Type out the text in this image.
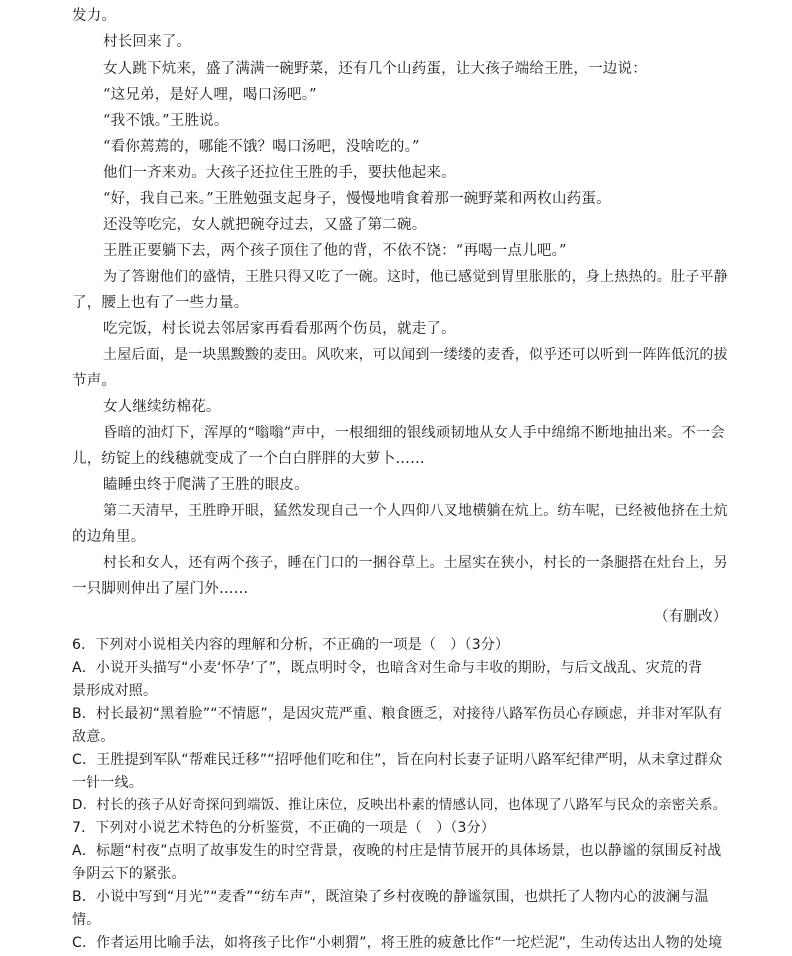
发力。
村长回来了。
女人跳下炕来，盛了满满一碗野菜，还有几个山药蛋，让大孩子端给王胜，一边说：
“这兄弟，是好人哩，喝口汤吧。”
“我不饿。”王胜说。
“看你蔫蔫的，哪能不饿？喝口汤吧，没啥吃的。”
他们一齐来劝。大孩子还拉住王胜的手，要扶他起来。
“好，我自己来。”王胜勉强支起身子，慢慢地啃食着那一碗野菜和两枚山药蛋。
还没等吃完，女人就把碗夺过去，又盛了第二碗。
王胜正要躺下去，两个孩子顶住了他的背，不依不饶：“再喝一点儿吧。”
为了答谢他们的盛情，王胜只得又吃了一碗。这时，他已感觉到胃里胀胀的，身上热热的。肚子平静
了，腰上也有了一些力量。
吃完饭，村长说去邻居家再看看那两个伤员，就走了。
土屋后面，是一块黑黢黢的麦田。风吹来，可以闻到一缕缕的麦香，似乎还可以听到一阵阵低沉的拔
节声。
女人继续纺棉花。
昏暗的油灯下，浑厚的“嗡嗡”声中，一根细细的银线顽韧地从女人手中绵绵不断地抽出来。不一会
儿，纺锭上的线穗就变成了一个白白胖胖的大萝卜……
瞌睡虫终于爬满了王胜的眼皮。
第二天清早，王胜睁开眼，猛然发现自己一个人四仰八叉地横躺在炕上。纺车呢，已经被他挤在土炕
的边角里。
村长和女人，还有两个孩子，睡在门口的一捆谷草上。土屋实在狭小，村长的一条腿搭在灶台上，另
一只脚则伸出了屋门外……
（有删改）
6．下列对小说相关内容的理解和分析，不正确的一项是（　）（3分）
A．小说开头描写“小麦‘怀孕’了”，既点明时令，也暗含对生命与丰收的期盼，与后文战乱、灾荒的背
景形成对照。
B．村长最初“黑着脸”“不情愿”，是因灾荒严重、粮食匮乏，对接待八路军伤员心存顾虑，并非对军队有
敌意。
C．王胜提到军队“帮难民迁移”“招呼他们吃和住”，旨在向村长妻子证明八路军纪律严明，从未拿过群众
一针一线。
D．村长的孩子从好奇探问到端饭、推让床位，反映出朴素的情感认同，也体现了八路军与民众的亲密关系。
7．下列对小说艺术特色的分析鉴赏，不正确的一项是（　）（3分）
A．标题“村夜”点明了故事发生的时空背景，夜晚的村庄是情节展开的具体场景，也以静谧的氛围反衬战
争阴云下的紧张。
B．小说中写到“月光”“麦香”“纺车声”，既渲染了乡村夜晚的静谧氛围，也烘托了人物内心的波澜与温
情。
C．作者运用比喻手法，如将孩子比作“小刺猬”，将王胜的疲惫比作“一坨烂泥”，生动传达出人物的处境
